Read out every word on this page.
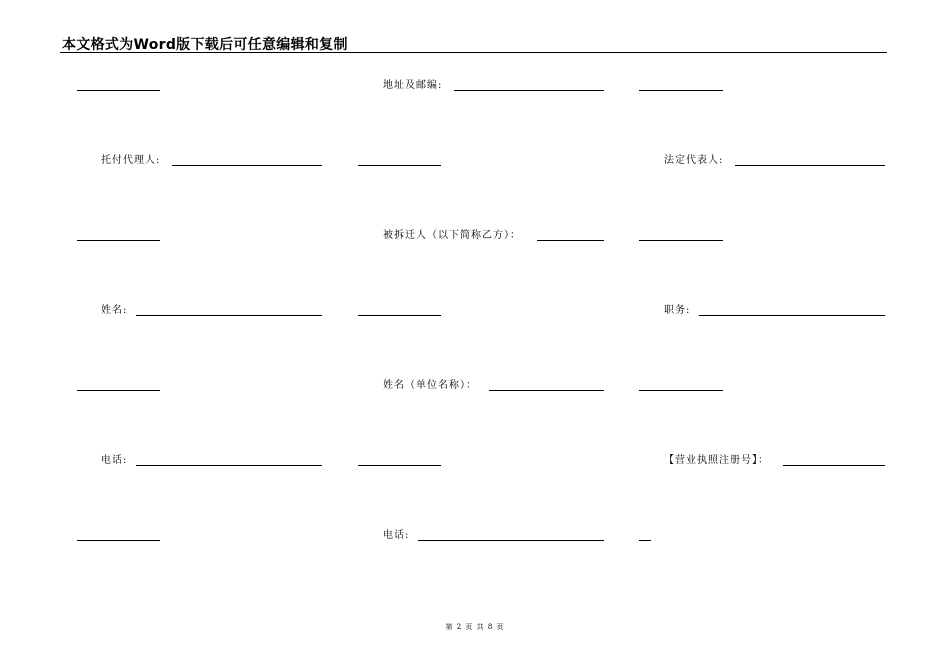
本文格式为Word版下载后可任意编辑和复制
地址及邮编:
托付代理人:	法定代表人:
被拆迁人（以下简称乙方）：
姓名:	职务:
姓名（单位名称）：
电话:	【营业执照注册号】：
电话:
第 2 页 共 8 页
